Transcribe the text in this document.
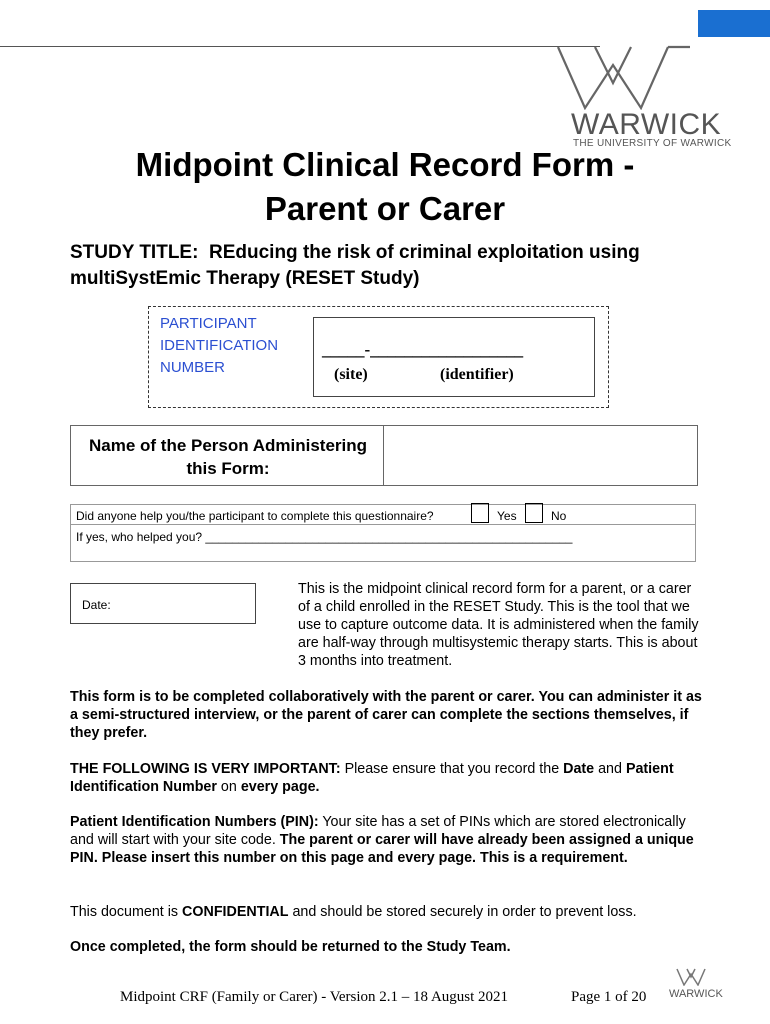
WARWICK
THE UNIVERSITY OF WARWICK
Midpoint Clinical Record Form -
Parent or Carer
STUDY TITLE: REducing the risk of criminal exploitation using multiSystEmic Therapy (RESET Study)
PARTICIPANT
IDENTIFICATION
NUMBER
_____-__________________
(site)	(identifier)
Name of the Person Administering this Form:
Did anyone help you/the participant to complete this questionnaire?	Yes	No
If yes, who helped you? _______________________________________________________
Date:
This is the midpoint clinical record form for a parent, or a carer of a child enrolled in the RESET Study. This is the tool that we use to capture outcome data. It is administered when the family are half-way through multisystemic therapy starts. This is about 3 months into treatment.
This form is to be completed collaboratively with the parent or carer. You can administer it as a semi-structured interview, or the parent of carer can complete the sections themselves, if they prefer.
THE FOLLOWING IS VERY IMPORTANT: Please ensure that you record the Date and Patient Identification Number on every page.
Patient Identification Numbers (PIN): Your site has a set of PINs which are stored electronically and will start with your site code. The parent or carer will have already been assigned a unique PIN. Please insert this number on this page and every page. This is a requirement.
This document is CONFIDENTIAL and should be stored securely in order to prevent loss.
Once completed, the form should be returned to the Study Team.
Midpoint CRF (Family or Carer) - Version 2.1 – 18 August 2021	Page 1 of 20 WARWICK
